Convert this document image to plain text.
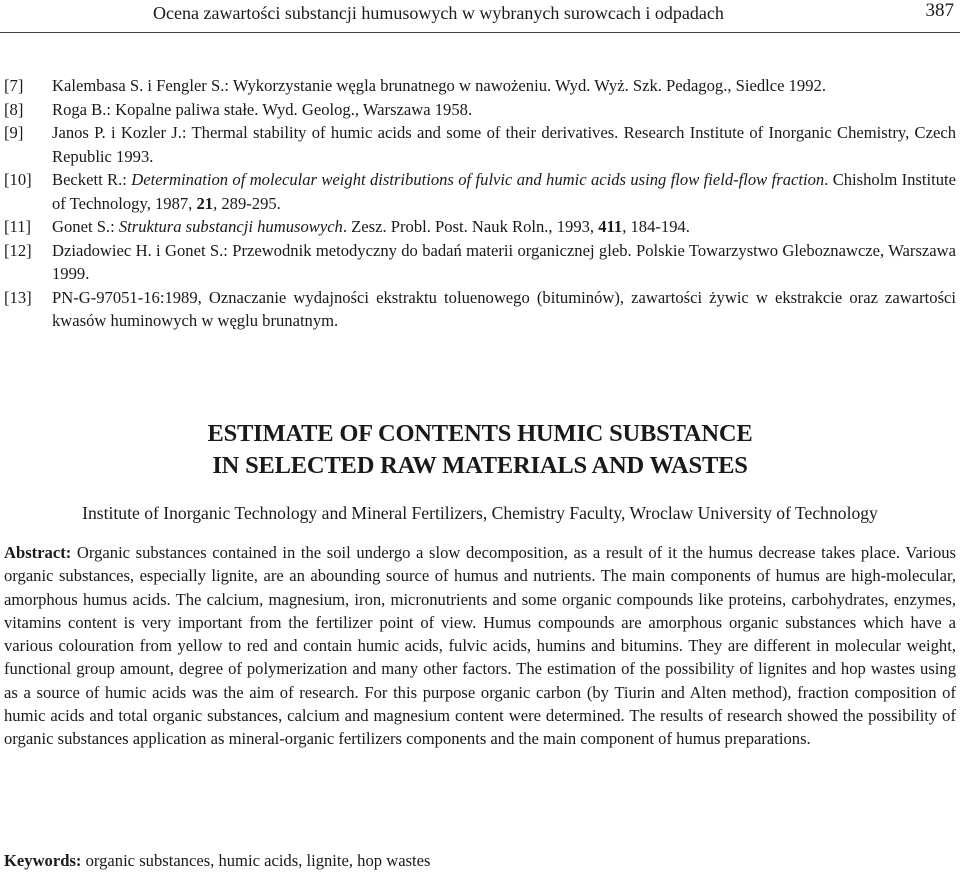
Ocena zawartości substancji humusowych w wybranych surowcach i odpadach	387
[7] Kalembasa S. i Fengler S.: Wykorzystanie węgla brunatnego w nawożeniu. Wyd. Wyż. Szk. Pedagog., Siedlce 1992.
[8] Roga B.: Kopalne paliwa stałe. Wyd. Geolog., Warszawa 1958.
[9] Janos P. i Kozler J.: Thermal stability of humic acids and some of their derivatives. Research Institute of Inorganic Chemistry, Czech Republic 1993.
[10] Beckett R.: Determination of molecular weight distributions of fulvic and humic acids using flow field-flow fraction. Chisholm Institute of Technology, 1987, 21, 289-295.
[11] Gonet S.: Struktura substancji humusowych. Zesz. Probl. Post. Nauk Roln., 1993, 411, 184-194.
[12] Dziadowiec H. i Gonet S.: Przewodnik metodyczny do badań materii organicznej gleb. Polskie Towarzystwo Gleboznawcze, Warszawa 1999.
[13] PN-G-97051-16:1989, Oznaczanie wydajności ekstraktu toluenowego (bituminów), zawartości żywic w ekstrakcie oraz zawartości kwasów huminowych w węglu brunatnym.
ESTIMATE OF CONTENTS HUMIC SUBSTANCE
IN SELECTED RAW MATERIALS AND WASTES
Institute of Inorganic Technology and Mineral Fertilizers, Chemistry Faculty, Wroclaw University of Technology
Abstract: Organic substances contained in the soil undergo a slow decomposition, as a result of it the humus decrease takes place. Various organic substances, especially lignite, are an abounding source of humus and nutrients. The main components of humus are high-molecular, amorphous humus acids. The calcium, magnesium, iron, micronutrients and some organic compounds like proteins, carbohydrates, enzymes, vitamins content is very important from the fertilizer point of view. Humus compounds are amorphous organic substances which have a various colouration from yellow to red and contain humic acids, fulvic acids, humins and bitumins. They are different in molecular weight, functional group amount, degree of polymerization and many other factors. The estimation of the possibility of lignites and hop wastes using as a source of humic acids was the aim of research. For this purpose organic carbon (by Tiurin and Alten method), fraction composition of humic acids and total organic substances, calcium and magnesium content were determined. The results of research showed the possibility of organic substances application as mineral-organic fertilizers components and the main component of humus preparations.
Keywords: organic substances, humic acids, lignite, hop wastes
